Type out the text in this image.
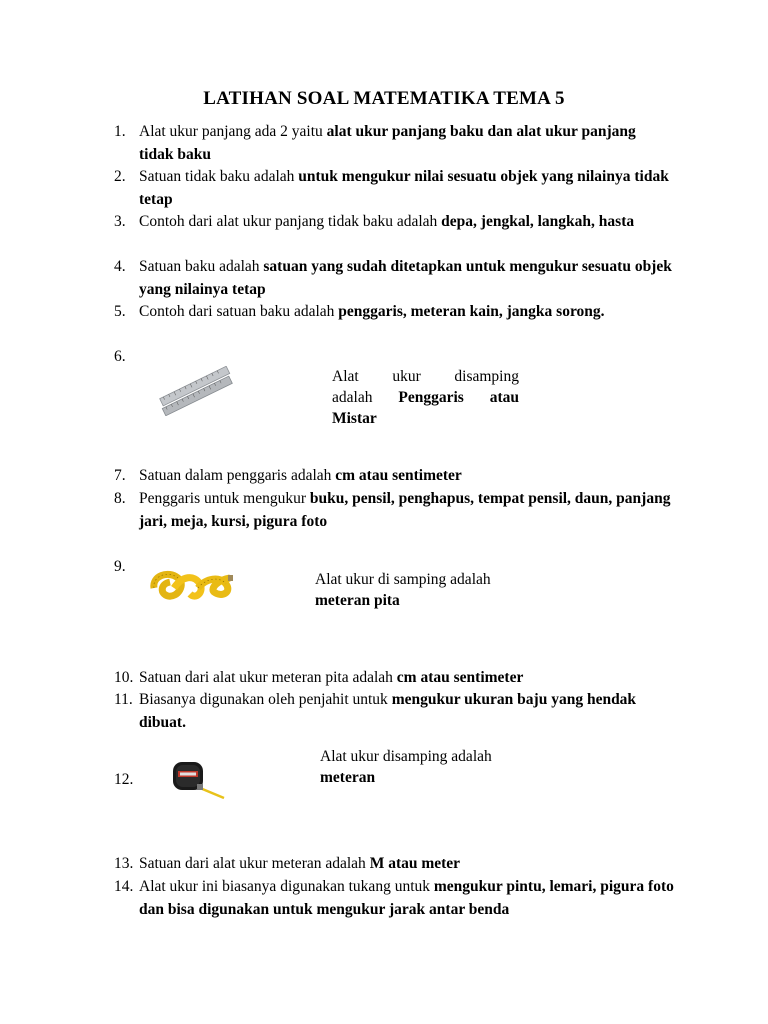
LATIHAN SOAL MATEMATIKA TEMA 5
1. Alat ukur panjang ada 2 yaitu alat ukur panjang baku dan alat ukur panjang tidak baku
2. Satuan tidak baku adalah untuk mengukur nilai sesuatu objek yang nilainya tidak tetap
3. Contoh dari alat ukur panjang tidak baku adalah depa, jengkal, langkah, hasta
4. Satuan baku adalah satuan yang sudah ditetapkan untuk mengukur sesuatu objek yang nilainya tetap
5. Contoh dari satuan baku adalah penggaris, meteran kain, jangka sorong.
6.
Alat ukur disamping
adalah Penggaris atau
Mistar
7. Satuan dalam penggaris adalah cm atau sentimeter
8. Penggaris untuk mengukur buku, pensil, penghapus, tempat pensil, daun, panjang jari, meja, kursi, pigura foto
9.
Alat ukur di samping adalah
meteran pita
10. Satuan dari alat ukur meteran pita adalah cm atau sentimeter
11. Biasanya digunakan oleh penjahit untuk mengukur ukuran baju yang hendak dibuat.
Alat ukur disamping adalah
meteran
12.
13. Satuan dari alat ukur meteran adalah M atau meter
14. Alat ukur ini biasanya digunakan tukang untuk mengukur pintu, lemari, pigura foto dan bisa digunakan untuk mengukur jarak antar benda
